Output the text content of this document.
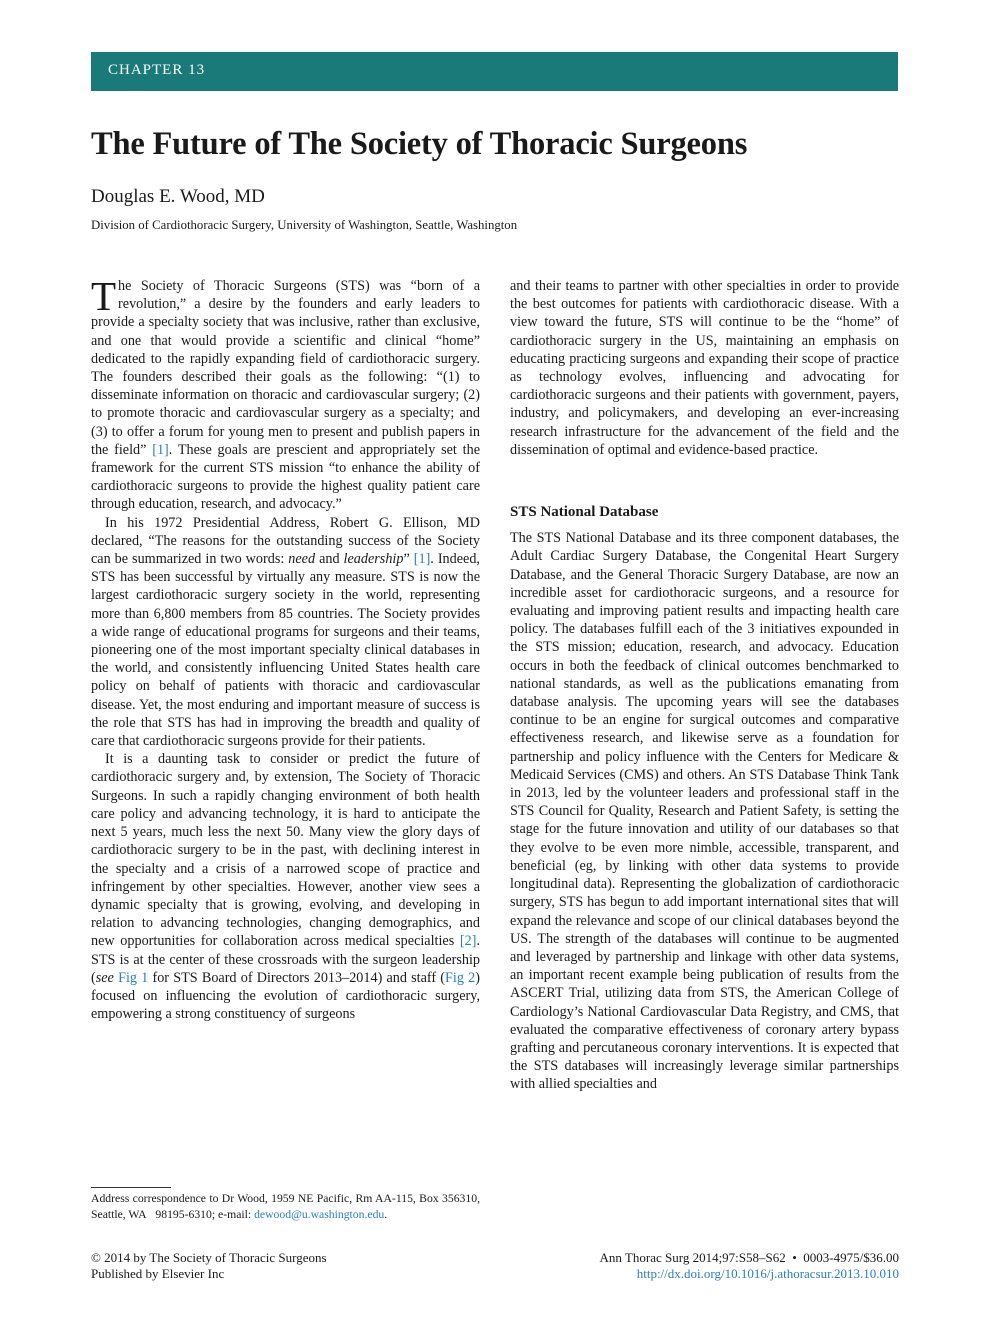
CHAPTER 13
The Future of The Society of Thoracic Surgeons
Douglas E. Wood, MD
Division of Cardiothoracic Surgery, University of Washington, Seattle, Washington

The Society of Thoracic Surgeons (STS) was “born of a revolution,” a desire by the founders and early leaders to provide a specialty society that was inclusive, rather than exclusive, and one that would provide a scientific and clinical “home” dedicated to the rapidly expanding field of cardiothoracic surgery. The founders described their goals as the following: “(1) to disseminate information on thoracic and cardiovascular surgery; (2) to promote thoracic and cardiovascular surgery as a specialty; and (3) to offer a forum for young men to present and publish papers in the field” [1]. These goals are prescient and appropriately set the framework for the current STS mission “to enhance the ability of cardiothoracic surgeons to provide the highest quality patient care through education, research, and advocacy.”

In his 1972 Presidential Address, Robert G. Ellison, MD declared, “The reasons for the outstanding success of the Society can be summarized in two words: need and leadership” [1]. Indeed, STS has been successful by virtually any measure. STS is now the largest cardiothoracic surgery society in the world, representing more than 6,800 members from 85 countries. The Society provides a wide range of educational programs for surgeons and their teams, pioneering one of the most important specialty clinical databases in the world, and consistently influencing United States health care policy on behalf of patients with thoracic and cardiovascular disease. Yet, the most enduring and important measure of success is the role that STS has had in improving the breadth and quality of care that cardiothoracic surgeons provide for their patients.

It is a daunting task to consider or predict the future of cardiothoracic surgery and, by extension, The Society of Thoracic Surgeons. In such a rapidly changing environment of both health care policy and advancing technology, it is hard to anticipate the next 5 years, much less the next 50. Many view the glory days of cardiothoracic surgery to be in the past, with declining interest in the specialty and a crisis of a narrowed scope of practice and infringement by other specialties. However, another view sees a dynamic specialty that is growing, evolving, and developing in relation to advancing technologies, changing demographics, and new opportunities for collaboration across medical specialties [2]. STS is at the center of these crossroads with the surgeon leadership (see Fig 1 for STS Board of Directors 2013–2014) and staff (Fig 2) focused on influencing the evolution of cardiothoracic surgery, empowering a strong constituency of surgeons

and their teams to partner with other specialties in order to provide the best outcomes for patients with cardiothoracic disease. With a view toward the future, STS will continue to be the “home” of cardiothoracic surgery in the US, maintaining an emphasis on educating practicing surgeons and expanding their scope of practice as technology evolves, influencing and advocating for cardiothoracic surgeons and their patients with government, payers, industry, and policymakers, and developing an ever-increasing research infrastructure for the advancement of the field and the dissemination of optimal and evidence-based practice.

STS National Database

The STS National Database and its three component databases, the Adult Cardiac Surgery Database, the Congenital Heart Surgery Database, and the General Thoracic Surgery Database, are now an incredible asset for cardiothoracic surgeons, and a resource for evaluating and improving patient results and impacting health care policy. The databases fulfill each of the 3 initiatives expounded in the STS mission; education, research, and advocacy. Education occurs in both the feedback of clinical outcomes benchmarked to national standards, as well as the publications emanating from database analysis. The upcoming years will see the databases continue to be an engine for surgical outcomes and comparative effectiveness research, and likewise serve as a foundation for partnership and policy influence with the Centers for Medicare & Medicaid Services (CMS) and others. An STS Database Think Tank in 2013, led by the volunteer leaders and professional staff in the STS Council for Quality, Research and Patient Safety, is setting the stage for the future innovation and utility of our databases so that they evolve to be even more nimble, accessible, transparent, and beneficial (eg, by linking with other data systems to provide longitudinal data). Representing the globalization of cardiothoracic surgery, STS has begun to add important international sites that will expand the relevance and scope of our clinical databases beyond the US. The strength of the databases will continue to be augmented and leveraged by partnership and linkage with other data systems, an important recent example being publication of results from the ASCERT Trial, utilizing data from STS, the American College of Cardiology’s National Cardiovascular Data Registry, and CMS, that evaluated the comparative effectiveness of coronary artery bypass grafting and percutaneous coronary interventions. It is expected that the STS databases will increasingly leverage similar partnerships with allied specialties and

Address correspondence to Dr Wood, 1959 NE Pacific, Rm AA-115, Box 356310, Seattle, WA   98195-6310; e-mail: dewood@u.washington.edu.
© 2014 by The Society of Thoracic Surgeons
Published by Elsevier Inc
Ann Thorac Surg 2014;97:S58–S62  •  0003-4975/$36.00
http://dx.doi.org/10.1016/j.athoracsur.2013.10.010
